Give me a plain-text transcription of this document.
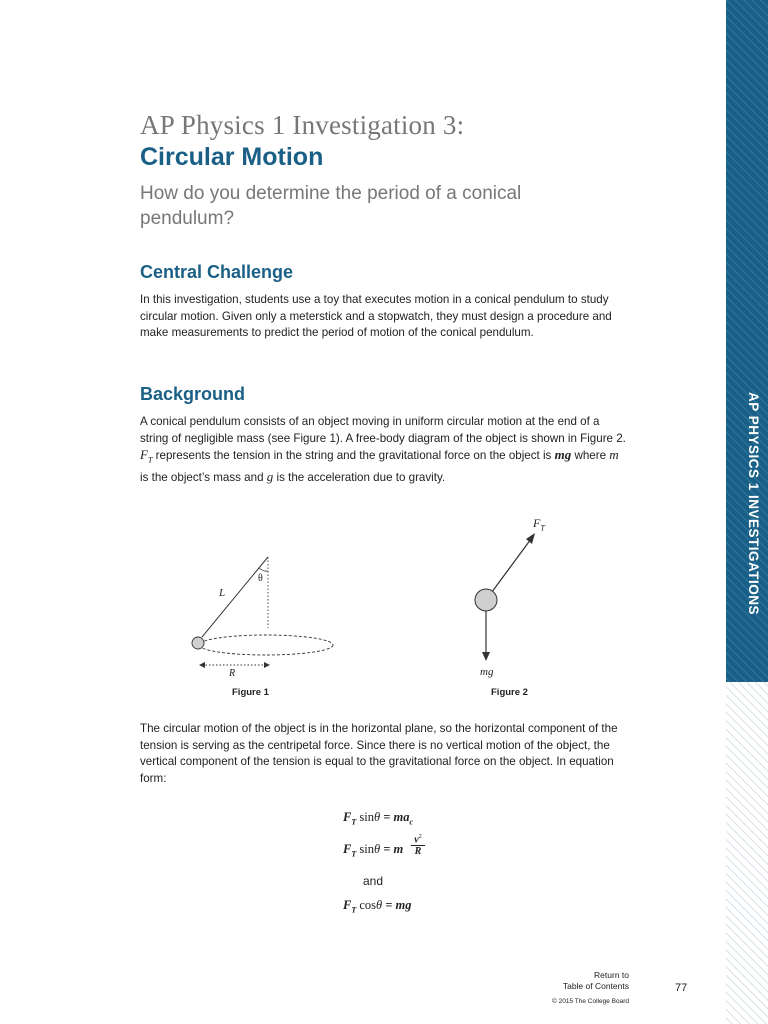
AP Physics 1 Investigation 3:
Circular Motion
How do you determine the period of a conical pendulum?
Central Challenge

In this investigation, students use a toy that executes motion in a conical pendulum to study circular motion. Given only a meterstick and a stopwatch, they must design a procedure and make measurements to predict the period of motion of the conical pendulum.

Background

A conical pendulum consists of an object moving in uniform circular motion at the end of a string of negligible mass (see Figure 1). A free-body diagram of the object is shown in Figure 2. $F_T$ represents the tension in the string and the gravitational force on the object is mg where m is the object’s mass and g is the acceleration due to gravity.

L
θ
R
$F_T$
mg
Figure 1	Figure 2

The circular motion of the object is in the horizontal plane, so the horizontal component of the tension is serving as the centripetal force. Since there is no vertical motion of the object, the vertical component of the tension is equal to the gravitational force on the object. In equation form:

$F_T$ $\sin\theta = ma_c$
$F_T$ sinθ = m
$v^2$
R
and
$F_T$ cosθ = mg
AP PHYSICS 1 INVESTIGATIONS
Return to
Table of Contents	77
© 2015 The College Board
